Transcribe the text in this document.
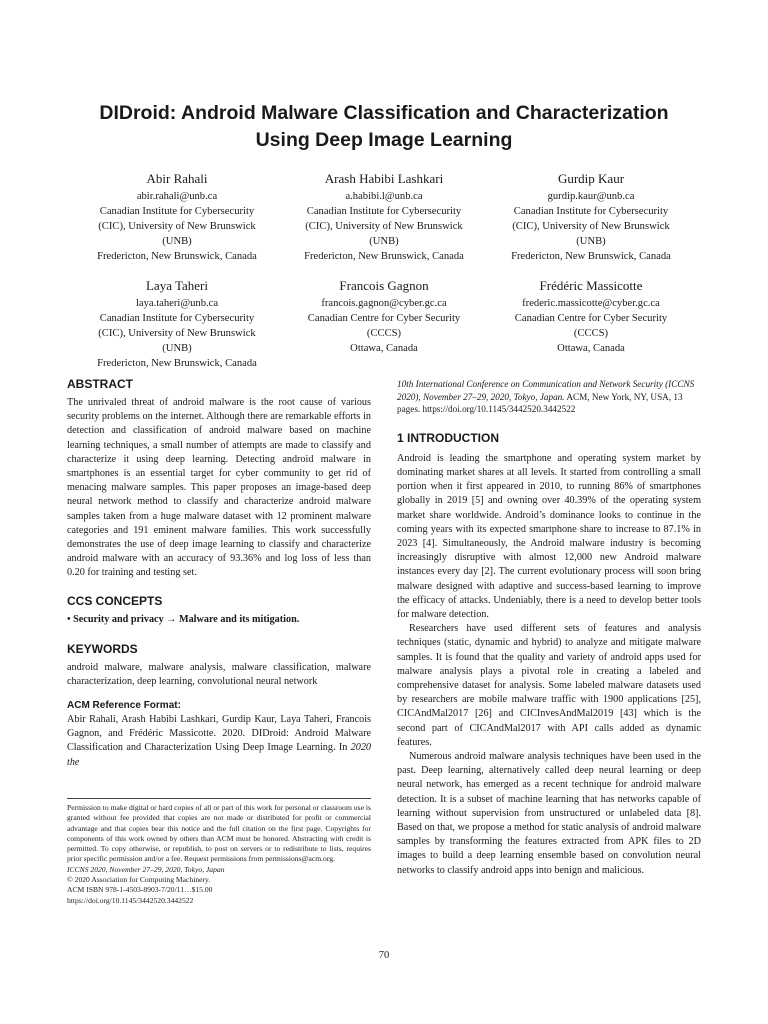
DIDroid: Android Malware Classification and Characterization
Using Deep Image Learning
Abir Rahali
abir.rahali@unb.ca
Canadian Institute for Cybersecurity
(CIC), University of New Brunswick
(UNB)
Fredericton, New Brunswick, Canada
Arash Habibi Lashkari
a.habibi.l@unb.ca
Canadian Institute for Cybersecurity
(CIC), University of New Brunswick
(UNB)
Fredericton, New Brunswick, Canada
Gurdip Kaur
gurdip.kaur@unb.ca
Canadian Institute for Cybersecurity
(CIC), University of New Brunswick
(UNB)
Fredericton, New Brunswick, Canada
Laya Taheri
laya.taheri@unb.ca
Canadian Institute for Cybersecurity
(CIC), University of New Brunswick
(UNB)
Fredericton, New Brunswick, Canada
Francois Gagnon
francois.gagnon@cyber.gc.ca
Canadian Centre for Cyber Security
(CCCS)
Ottawa, Canada
Frédéric Massicotte
frederic.massicotte@cyber.gc.ca
Canadian Centre for Cyber Security
(CCCS)
Ottawa, Canada
ABSTRACT

The unrivaled threat of android malware is the root cause of various security problems on the internet. Although there are remarkable efforts in detection and classification of android malware based on machine learning techniques, a small number of attempts are made to classify and characterize it using deep learning. Detecting android malware in smartphones is an essential target for cyber community to get rid of menacing malware samples. This paper proposes an image-based deep neural network method to classify and characterize android malware samples taken from a huge malware dataset with 12 prominent malware categories and 191 eminent malware families. This work successfully demonstrates the use of deep image learning to classify and characterize android malware with an accuracy of 93.36% and log loss of less than 0.20 for training and testing set.

CCS CONCEPTS

• Security and privacy → Malware and its mitigation.

KEYWORDS

android malware, malware analysis, malware classification, malware characterization, deep learning, convolutional neural network

ACM Reference Format:

Abir Rahali, Arash Habibi Lashkari, Gurdip Kaur, Laya Taheri, Francois Gagnon, and Frédéric Massicotte. 2020. DIDroid: Android Malware Classification and Characterization Using Deep Image Learning. In 2020 the

Permission to make digital or hard copies of all or part of this work for personal or classroom use is granted without fee provided that copies are not made or distributed for profit or commercial advantage and that copies bear this notice and the full citation on the first page. Copyrights for components of this work owned by others than ACM must be honored. Abstracting with credit is permitted. To copy otherwise, or republish, to post on servers or to redistribute to lists, requires prior specific permission and/or a fee. Request permissions from permissions@acm.org.

ICCNS 2020, November 27–29, 2020, Tokyo, Japan

© 2020 Association for Computing Machinery.

ACM ISBN 978-1-4503-8903-7/20/11…$15.00

https://doi.org/10.1145/3442520.3442522

10th International Conference on Communication and Network Security (ICCNS 2020), November 27–29, 2020, Tokyo, Japan. ACM, New York, NY, USA, 13 pages. https://doi.org/10.1145/3442520.3442522

1 INTRODUCTION

Android is leading the smartphone and operating system market by dominating market shares at all levels. It started from controlling a small portion when it first appeared in 2010, to running 86% of smartphones globally in 2019 [5] and owning over 40.39% of the operating system market share worldwide. Android’s dominance looks to continue in the coming years with its expected smartphone share to increase to 87.1% in 2023 [4]. Simultaneously, the Android malware industry is becoming increasingly disruptive with almost 12,000 new Android malware instances every day [2]. The current evolutionary process will soon bring malware designed with adaptive and success-based learning to improve the efficacy of attacks. Undeniably, there is a need to develop better tools for malware detection.

Researchers have used different sets of features and analysis techniques (static, dynamic and hybrid) to analyze and mitigate malware samples. It is found that the quality and variety of android apps used for malware analysis plays a pivotal role in creating a labeled and comprehensive dataset for analysis. Some labeled malware datasets used by researchers are mobile malware traffic with 1900 applications [25], CICAndMal2017 [26] and CICInvesAndMal2019 [43] which is the second part of CICAndMal2017 with API calls added as dynamic features.

Numerous android malware analysis techniques have been used in the past. Deep learning, alternatively called deep neural learning or deep neural network, has emerged as a recent technique for android malware detection. It is a subset of machine learning that has networks capable of learning without supervision from unstructured or unlabeled data [8]. Based on that, we propose a method for static analysis of android malware samples by transforming the features extracted from APK files to 2D images to build a deep learning ensemble based on convolution neural networks to classify android apps into benign and malicious.

70
